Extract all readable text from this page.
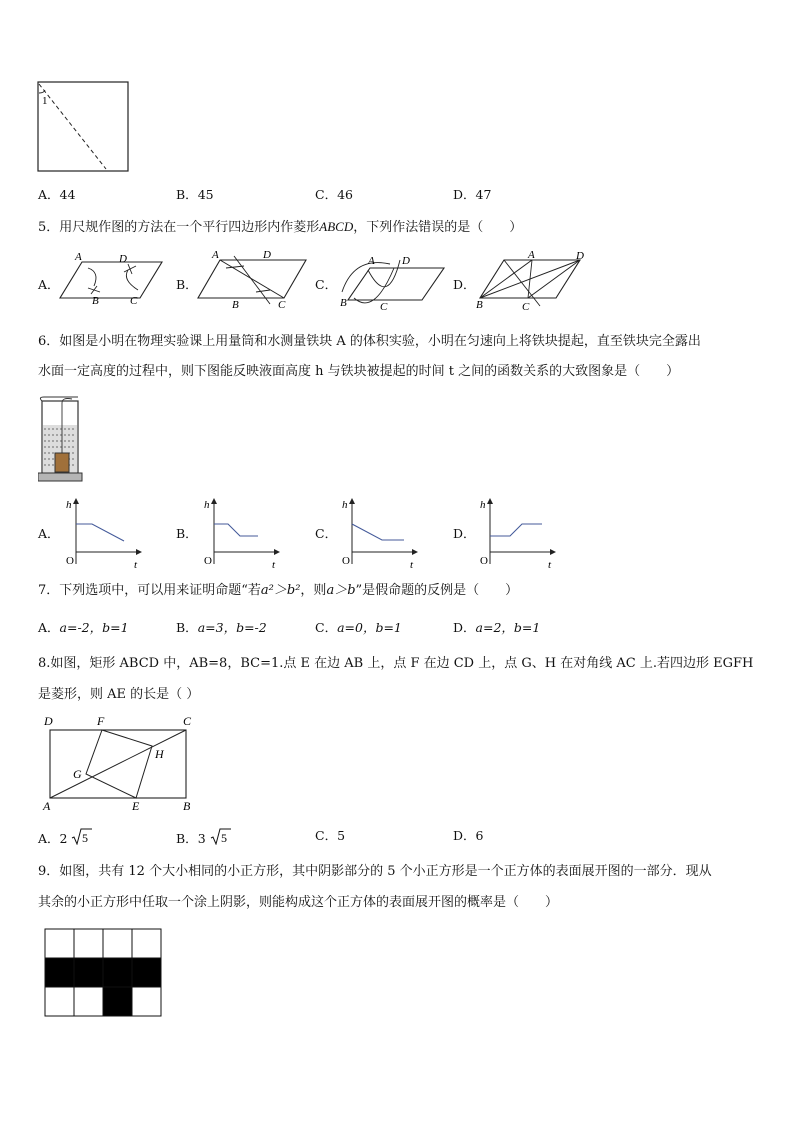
1
A．44	B．45	C．46	D．47
5．用尺规作图的方法在一个平行四边形内作菱形ABCD，下列作法错误的是（　　）
A．
A	D
B	C
B．
A	D
B	C
C．
A D
B	C
D．
A	D
B	C
6．如图是小明在物理实验课上用量筒和水测量铁块 A 的体积实验，小明在匀速向上将铁块提起，直至铁块完全露出
水面一定高度的过程中，则下图能反映液面高度 h 与铁块被提起的时间 t 之间的函数关系的大致图象是（　　）
A．
h
t
O
B．
h
t
O
C．
h
t
O
D．
h
t
O
7．下列选项中，可以用来证明命题“若a²＞b²，则a＞b”是假命题的反例是（　　）
A．a=-2，b=1	B．a=3，b=-2	C．a=0，b=1	D．a=2，b=1
8.如图，矩形 ABCD 中，AB=8，BC=1.点 E 在边 AB 上，点 F 在边 CD 上，点 G、H 在对角线 AC 上.若四边形 EGFH
是菱形，则 AE 的长是（ ）
D	F	C
H
G
A	E	B
A．2 5	B．3 5	C．5	D．6
9．如图，共有 12 个大小相同的小正方形，其中阴影部分的 5 个小正方形是一个正方体的表面展开图的一部分．现从
其余的小正方形中任取一个涂上阴影，则能构成这个正方体的表面展开图的概率是（　　）
